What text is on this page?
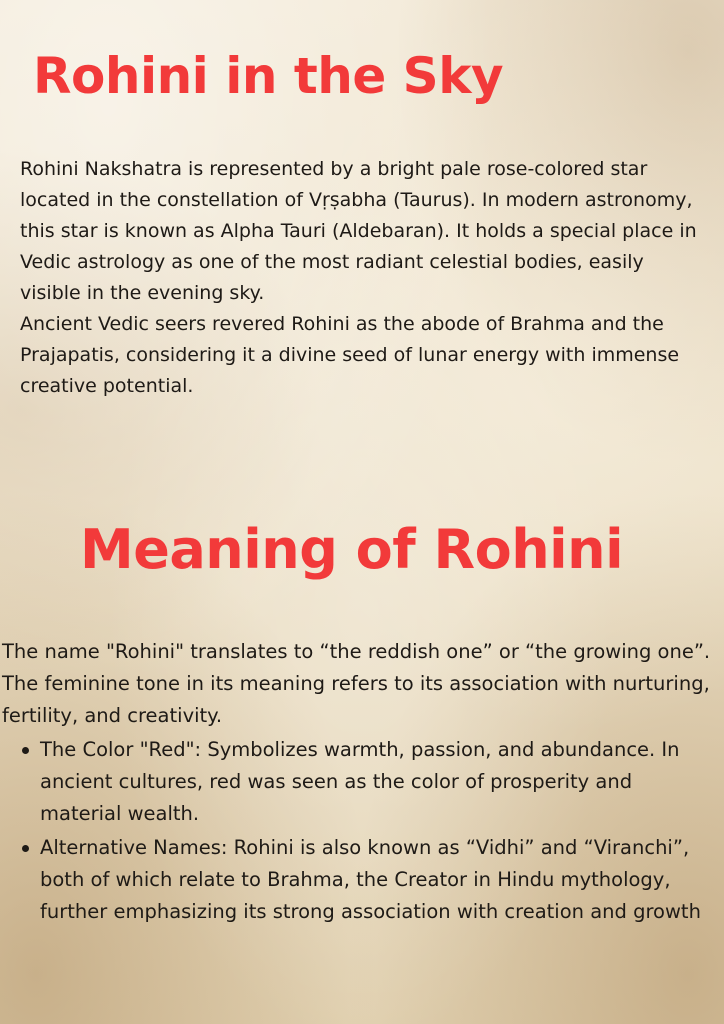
Rohini in the Sky

Rohini Nakshatra is represented by a bright pale rose-colored star located in the constellation of Vṛṣabha (Taurus). In modern astronomy, this star is known as Alpha Tauri (Aldebaran). It holds a special place in Vedic astrology as one of the most radiant celestial bodies, easily visible in the evening sky.

Ancient Vedic seers revered Rohini as the abode of Brahma and the Prajapatis, considering it a divine seed of lunar energy with immense creative potential.

Meaning of Rohini

The name "Rohini" translates to “the reddish one” or “the growing one”. The feminine tone in its meaning refers to its association with nurturing, fertility, and creativity.

The Color "Red": Symbolizes warmth, passion, and abundance. In ancient cultures, red was seen as the color of prosperity and material wealth.
Alternative Names: Rohini is also known as “Vidhi” and “Viranchi”, both of which relate to Brahma, the Creator in Hindu mythology, further emphasizing its strong association with creation and growth
